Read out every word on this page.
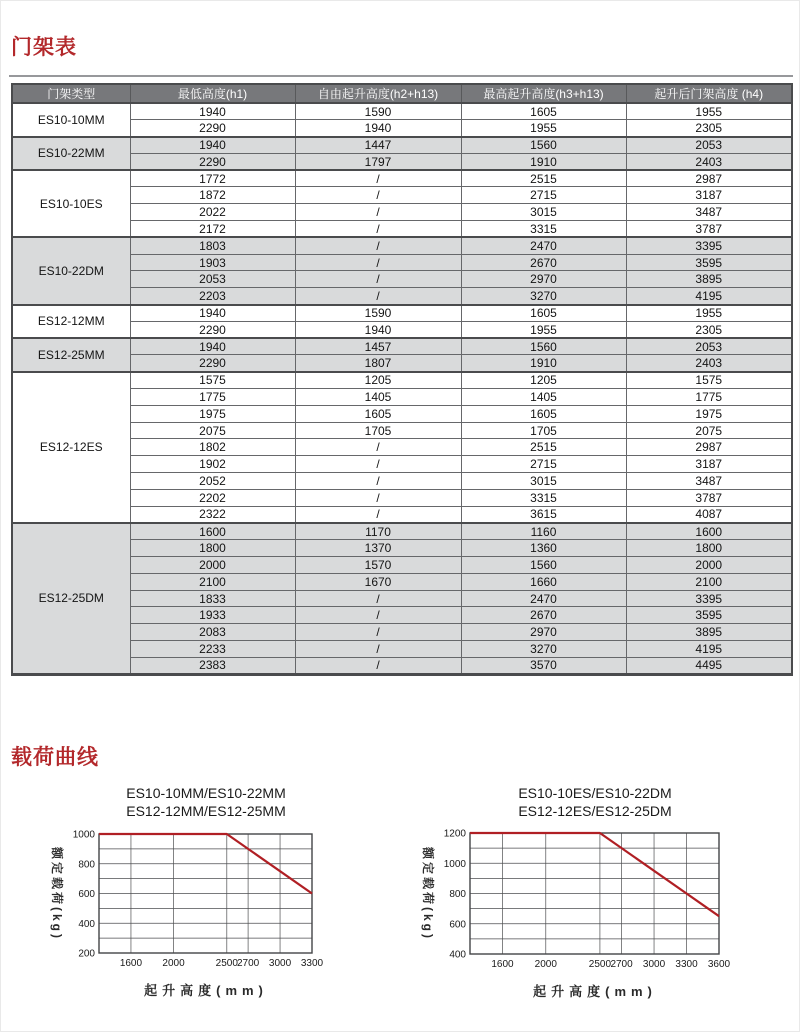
门架表
门架类型	最低高度(h1)	自由起升高度(h2+h13)	最高起升高度(h3+h13)	起升后门架高度 (h4)
ES10-10MM	1940	1590	1605	1955
	2290	1940	1955	2305
ES10-22MM	1940	1447	1560	2053
	2290	1797	1910	2403
ES10-10ES	1772	/	2515	2987
	1872	/	2715	3187
	2022	/	3015	3487
	2172	/	3315	3787
ES10-22DM	1803	/	2470	3395
	1903	/	2670	3595
	2053	/	2970	3895
	2203	/	3270	4195
ES12-12MM	1940	1590	1605	1955
	2290	1940	1955	2305
ES12-25MM	1940	1457	1560	2053
	2290	1807	1910	2403
ES12-12ES	1575	1205	1205	1575
	1775	1405	1405	1775
	1975	1605	1605	1975
	2075	1705	1705	2075
	1802	/	2515	2987
	1902	/	2715	3187
	2052	/	3015	3487
	2202	/	3315	3787
	2322	/	3615	4087
ES12-25DM	1600	1170	1160	1600
	1800	1370	1360	1800
	2000	1570	1560	2000
	2100	1670	1660	2100
	1833	/	2470	3395
	1933	/	2670	3595
	2083	/	2970	3895
	2233	/	3270	4195
	2383	/	3570	4495
载荷曲线
ES10-10MM/ES10-22MM
ES12-12MM/ES12-25MM
额定载荷(kg)
1000
800
600
400
200
1600 2000	2500 2700 3000 3300
起升高度(mm)
ES10-10ES/ES10-22DM
ES12-12ES/ES12-25DM
额定载荷(kg)
1200
1000
800
600
400
1600 2000	2500 2700 3000 3300 3600
起升高度(mm)
